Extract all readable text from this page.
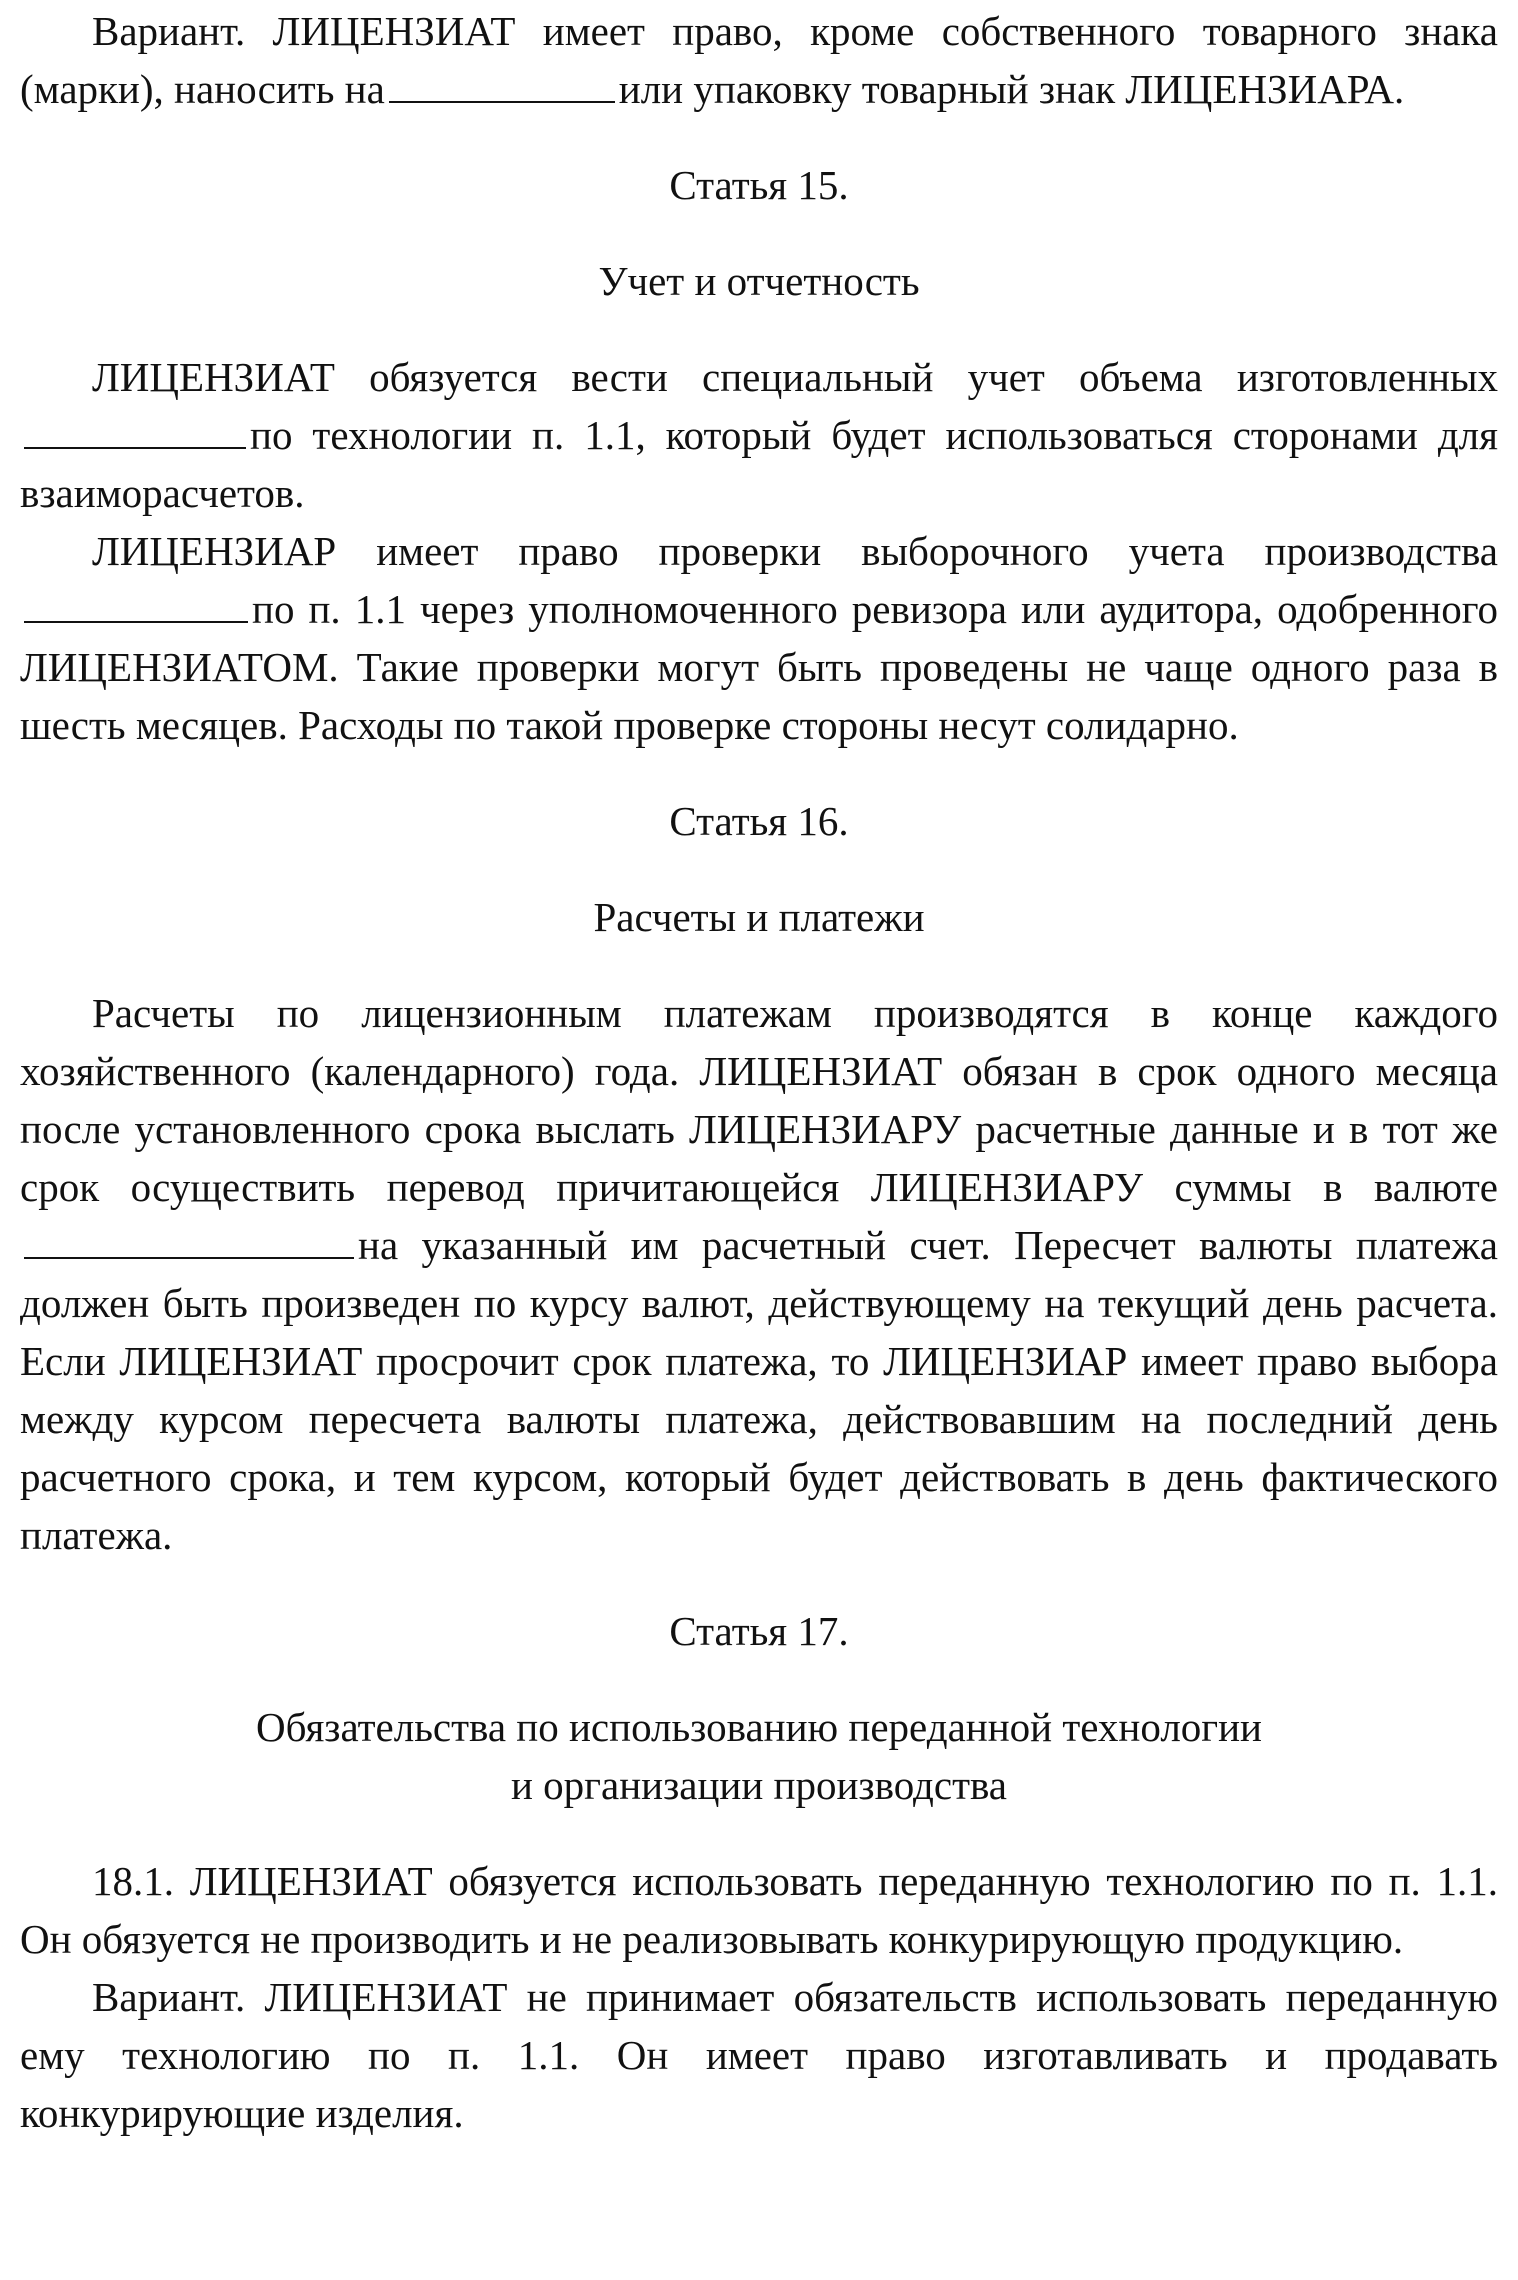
Вариант. ЛИЦЕНЗИАТ имеет право, кроме собственного товарного знака (марки), наносить на	или упаковку товарный знак ЛИЦЕНЗИАРА.

Статья 15.

Учет и отчетность

ЛИЦЕНЗИАТ обязуется вести специальный учет объема изготовленных по технологии п. 1.1, который будет использоваться сторонами для взаиморасчетов.

ЛИЦЕНЗИАР имеет право проверки выборочного учета производства по п. 1.1 через уполномоченного ревизора или аудитора, одобренного ЛИЦЕНЗИАТОМ. Такие проверки могут быть проведены не чаще одного раза в шесть месяцев. Расходы по такой проверке стороны несут солидарно.

Статья 16.

Расчеты и платежи

Расчеты по лицензионным платежам производятся в конце каждого хозяйственного (календарного) года. ЛИЦЕНЗИАТ обязан в срок одного месяца после установленного срока выслать ЛИЦЕНЗИАРУ расчетные данные и в тот же срок осуществить перевод причитающейся ЛИЦЕНЗИАРУ суммы в валютена указанный им расчетный счет. Пересчет валюты платежа должен быть произведен по курсу валют, действующему на текущий день расчета. Если ЛИЦЕНЗИАТ просрочит срок платежа, то ЛИЦЕНЗИАР имеет право выбора между курсом пересчета валюты платежа, действовавшим на последний день расчетного срока, и тем курсом, который будет действовать в день фактического платежа.

Статья 17.

Обязательства по использованию переданной технологии
и организации производства

18.1. ЛИЦЕНЗИАТ обязуется использовать переданную технологию по п. 1.1. Он обязуется не производить и не реализовывать конкурирующую продукцию.

Вариант. ЛИЦЕНЗИАТ не принимает обязательств использовать переданную ему технологию по п. 1.1. Он имеет право изготавливать и продавать конкурирующие изделия.
